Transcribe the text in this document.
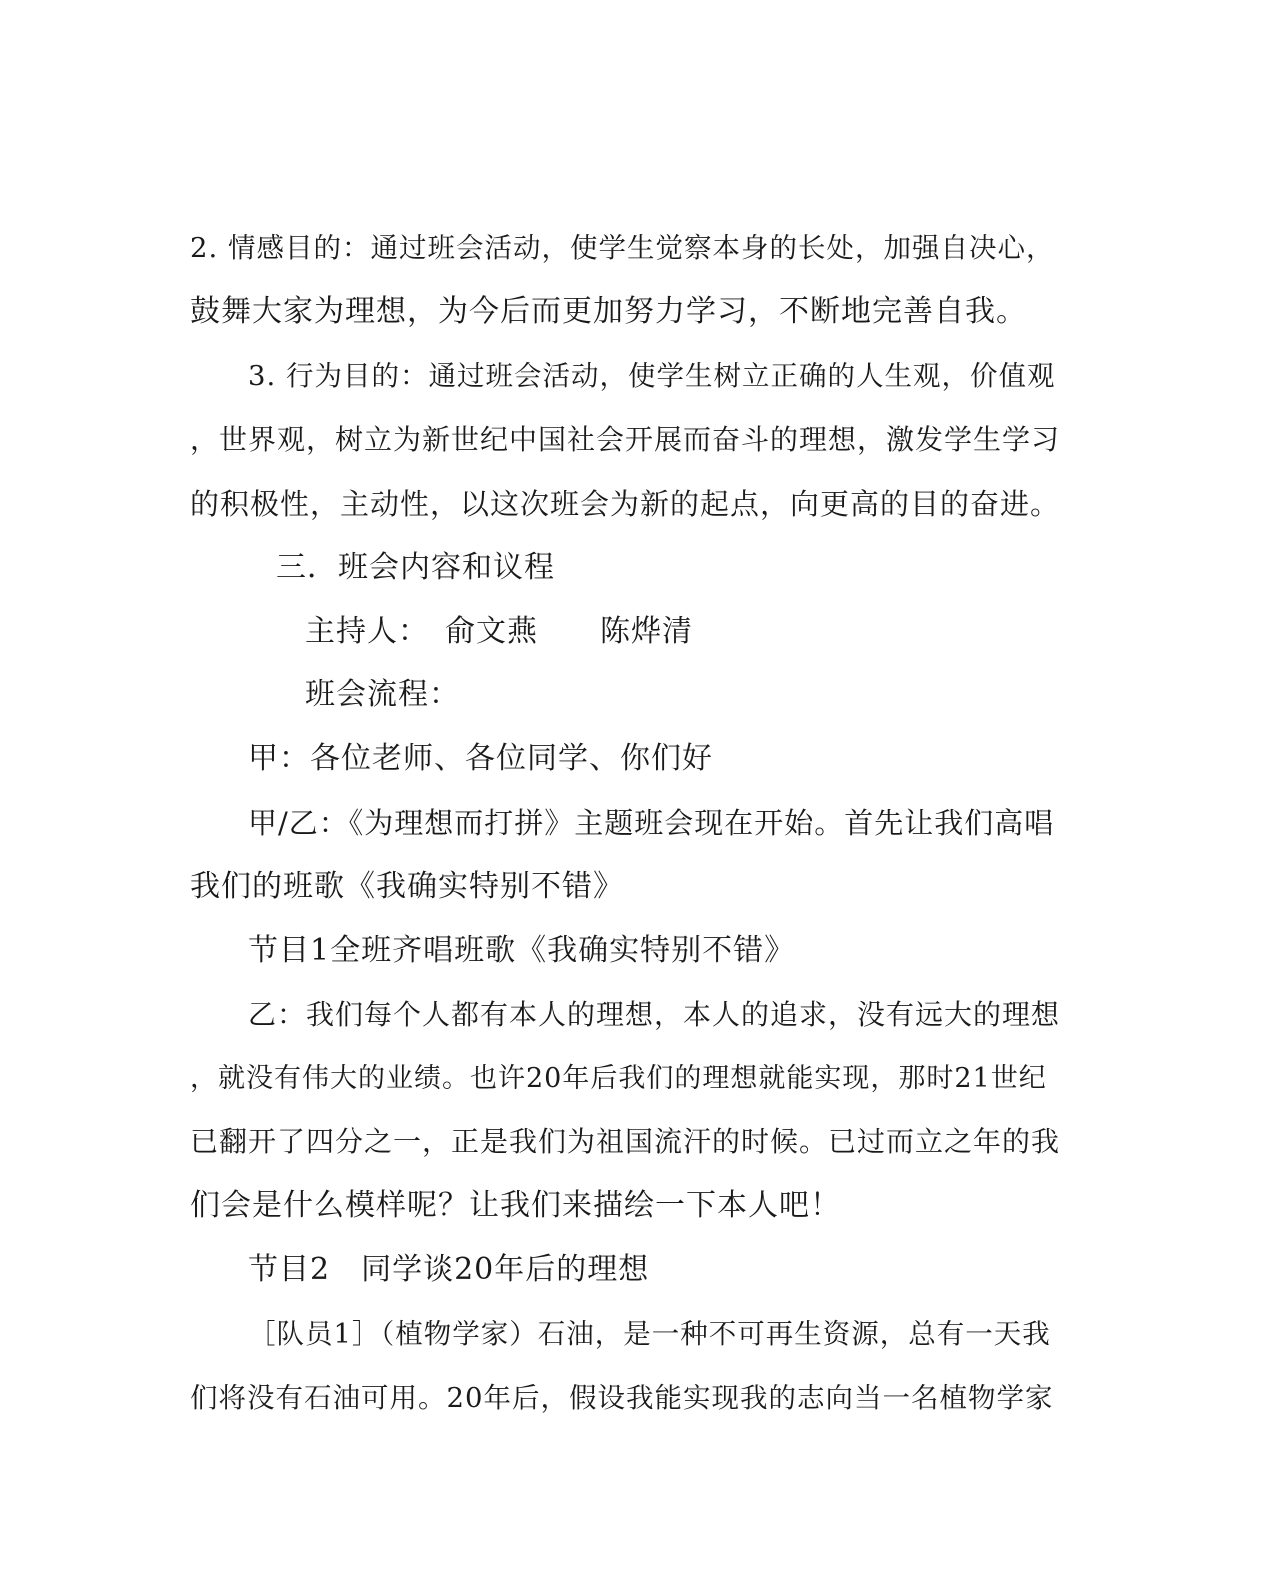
2. 情感目的：通过班会活动，使学生觉察本身的长处，加强自决心，
鼓舞大家为理想，为今后而更加努力学习，不断地完善自我。
3. 行为目的：通过班会活动，使学生树立正确的人生观，价值观
，世界观，树立为新世纪中国社会开展而奋斗的理想，激发学生学习
的积极性，主动性，以这次班会为新的起点，向更高的目的奋进。
三．班会内容和议程
主持人：　俞文燕　　陈烨清
班会流程：
甲：各位老师、各位同学、你们好
甲/乙：《为理想而打拼》主题班会现在开始。首先让我们高唱
我们的班歌《我确实特别不错》
节目1全班齐唱班歌《我确实特别不错》
乙：我们每个人都有本人的理想，本人的追求，没有远大的理想
，就没有伟大的业绩。也许20年后我们的理想就能实现，那时21世纪
已翻开了四分之一，正是我们为祖国流汗的时候。已过而立之年的我
们会是什么模样呢？让我们来描绘一下本人吧！
节目2　同学谈20年后的理想
［队员1］（植物学家）石油，是一种不可再生资源，总有一天我
们将没有石油可用。20年后，假设我能实现我的志向当一名植物学家
